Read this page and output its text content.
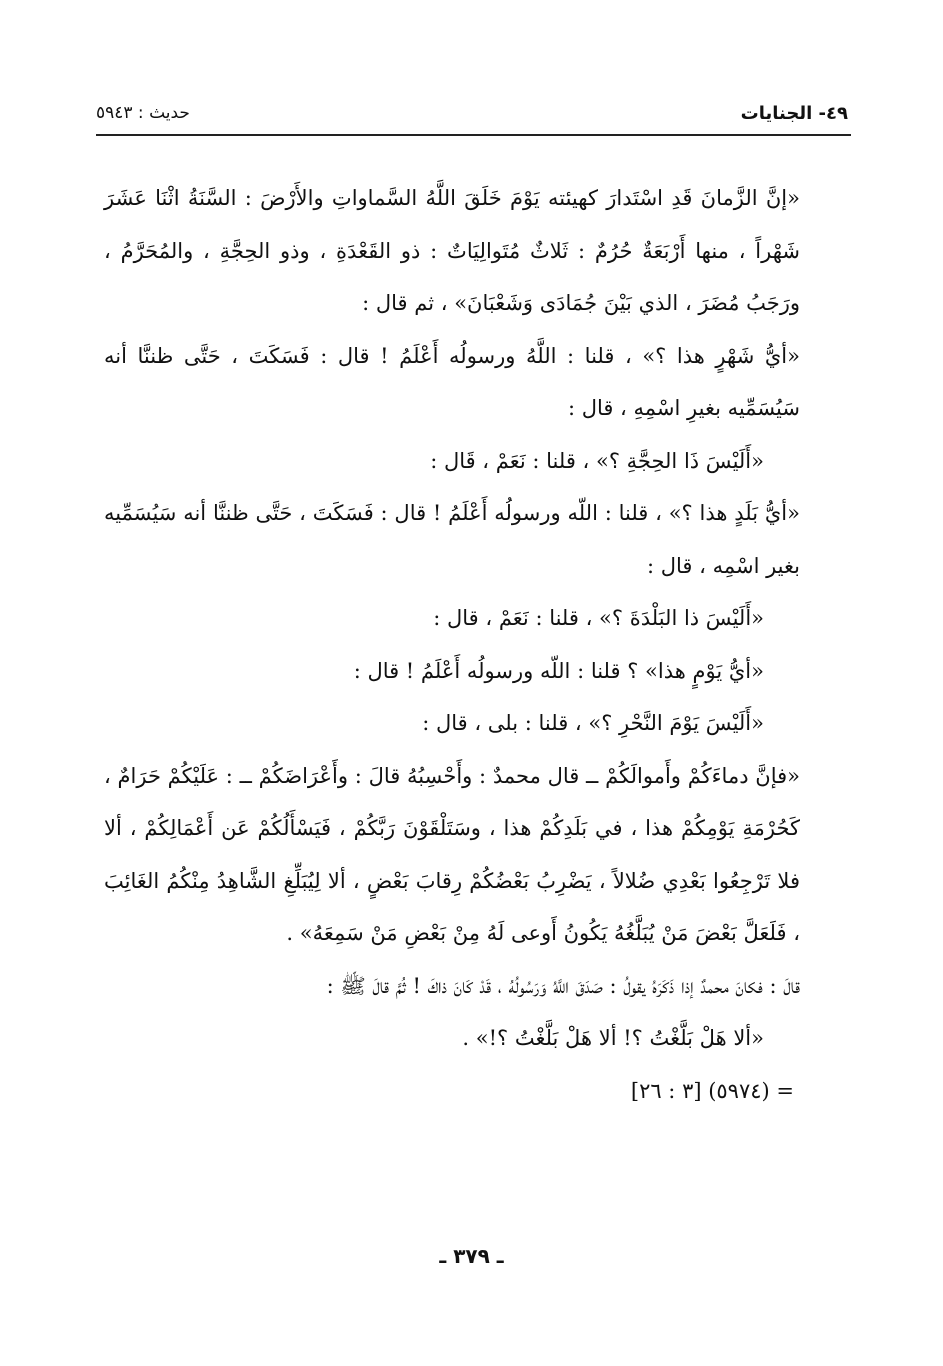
٤٩- الجنايات
حديث : ٥٩٤٣

«إنَّ الزَّمانَ قَدِ اسْتَدارَ كهيئته يَوْمَ خَلَقَ اللَّهُ السَّماواتِ والأَرْضَ : السَّنَةُ اثْنَا عَشَرَ شَهْراً ، منها أَرْبَعَةٌ حُرُمٌ : ثَلاثٌ مُتَوالِيَاتٌ : ذو القَعْدَةِ ، وذو الحِجَّةِ ، والمُحَرَّمُ ، ورَجَبُ مُضَرَ ، الذي بَيْنَ جُمَادَى وَشَعْبَانَ» ، ثم قال :

«أيُّ شَهْرٍ هذا ؟» ، قلنا : اللَّهُ ورسولُه أَعْلَمُ ! قال : فَسَكَتَ ، حَتَّى ظننَّا أنه سَيُسَمِّيه بغيرِ اسْمِهِ ، قال :

«أَلَيْسَ ذَا الحِجَّةِ ؟» ، قلنا : نَعَمْ ، قَال :

«أيُّ بَلَدٍ هذا ؟» ، قلنا : اللّه ورسولُه أَعْلَمُ ! قال : فَسَكَتَ ، حَتَّى ظننَّا أنه سَيُسَمِّيه بغير اسْمِه ، قال :

«أَلَيْسَ ذا البَلْدَةَ ؟» ، قلنا : نَعَمْ ، قال :

«أيُّ يَوْمٍ هذا» ؟ قلنا : اللّه ورسولُه أَعْلَمُ ! قال :

«أَلَيْسَ يَوْمَ النَّحْرِ ؟» ، قلنا : بلى ، قال :

«فإنَّ دماءَكُمْ وأَموالَكُمْ ــ قال محمدٌ : وأَحْسِبُهُ قالَ : وأَعْرَاضَكُمْ ــ : عَلَيْكُمْ حَرَامٌ ، كَحُرْمَةِ يَوْمِكُمْ هذا ، في بَلَدِكُمْ هذا ، وسَتَلْقَوْنَ رَبَّكُمْ ، فَيَسْأَلُكُمْ عَن أَعْمَالِكُمْ ، ألا فلا تَرْجِعُوا بَعْدِي ضُلالاً ، يَضْرِبُ بَعْضُكُمْ رِقابَ بَعْضٍ ، ألا لِيُبَلِّغِ الشَّاهِدُ مِنْكُمُ الغَائِبَ ، فَلَعَلَّ بَعْضَ مَنْ يُبَلَّغُهُ يَكُونُ أَوعى لَهُ مِنْ بَعْضِ مَنْ سَمِعَهُ» .

قالَ : فكانَ محمدٌ إذا ذَكَرَهُ يقولُ : صَدَقَ اللَّهُ وَرَسُولُهُ ، قَدْ كَانَ ذاكَ ! ثُمَّ قالَ ﷺ :

«ألا هَلْ بَلَّغْتُ ؟! ألا هَلْ بَلَّغْتُ ؟!» .

= (٥٩٧٤) [٣ : ٢٦]

ـ ٣٧٩ ـ
